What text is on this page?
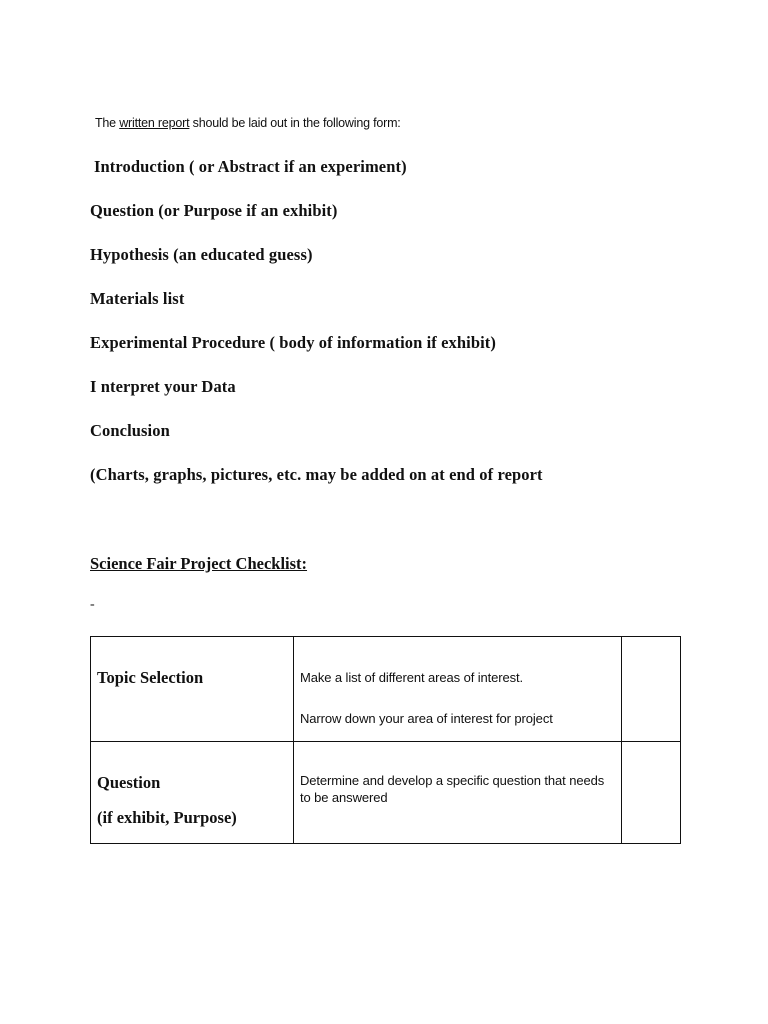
The written report should be laid out in the following form:
Introduction ( or Abstract if an experiment)
Question (or Purpose if an exhibit)
Hypothesis (an educated guess)
Materials list
Experimental Procedure ( body of information if exhibit)
I nterpret your Data
Conclusion
(Charts, graphs, pictures, etc. may be added on at end of report
Science Fair Project Checklist:
-
Topic Selection	Make a list of different areas of interest.
Narrow down your area of interest for project	

Question
(if exhibit, Purpose)	Determine and develop a specific question that needs to be answered	
